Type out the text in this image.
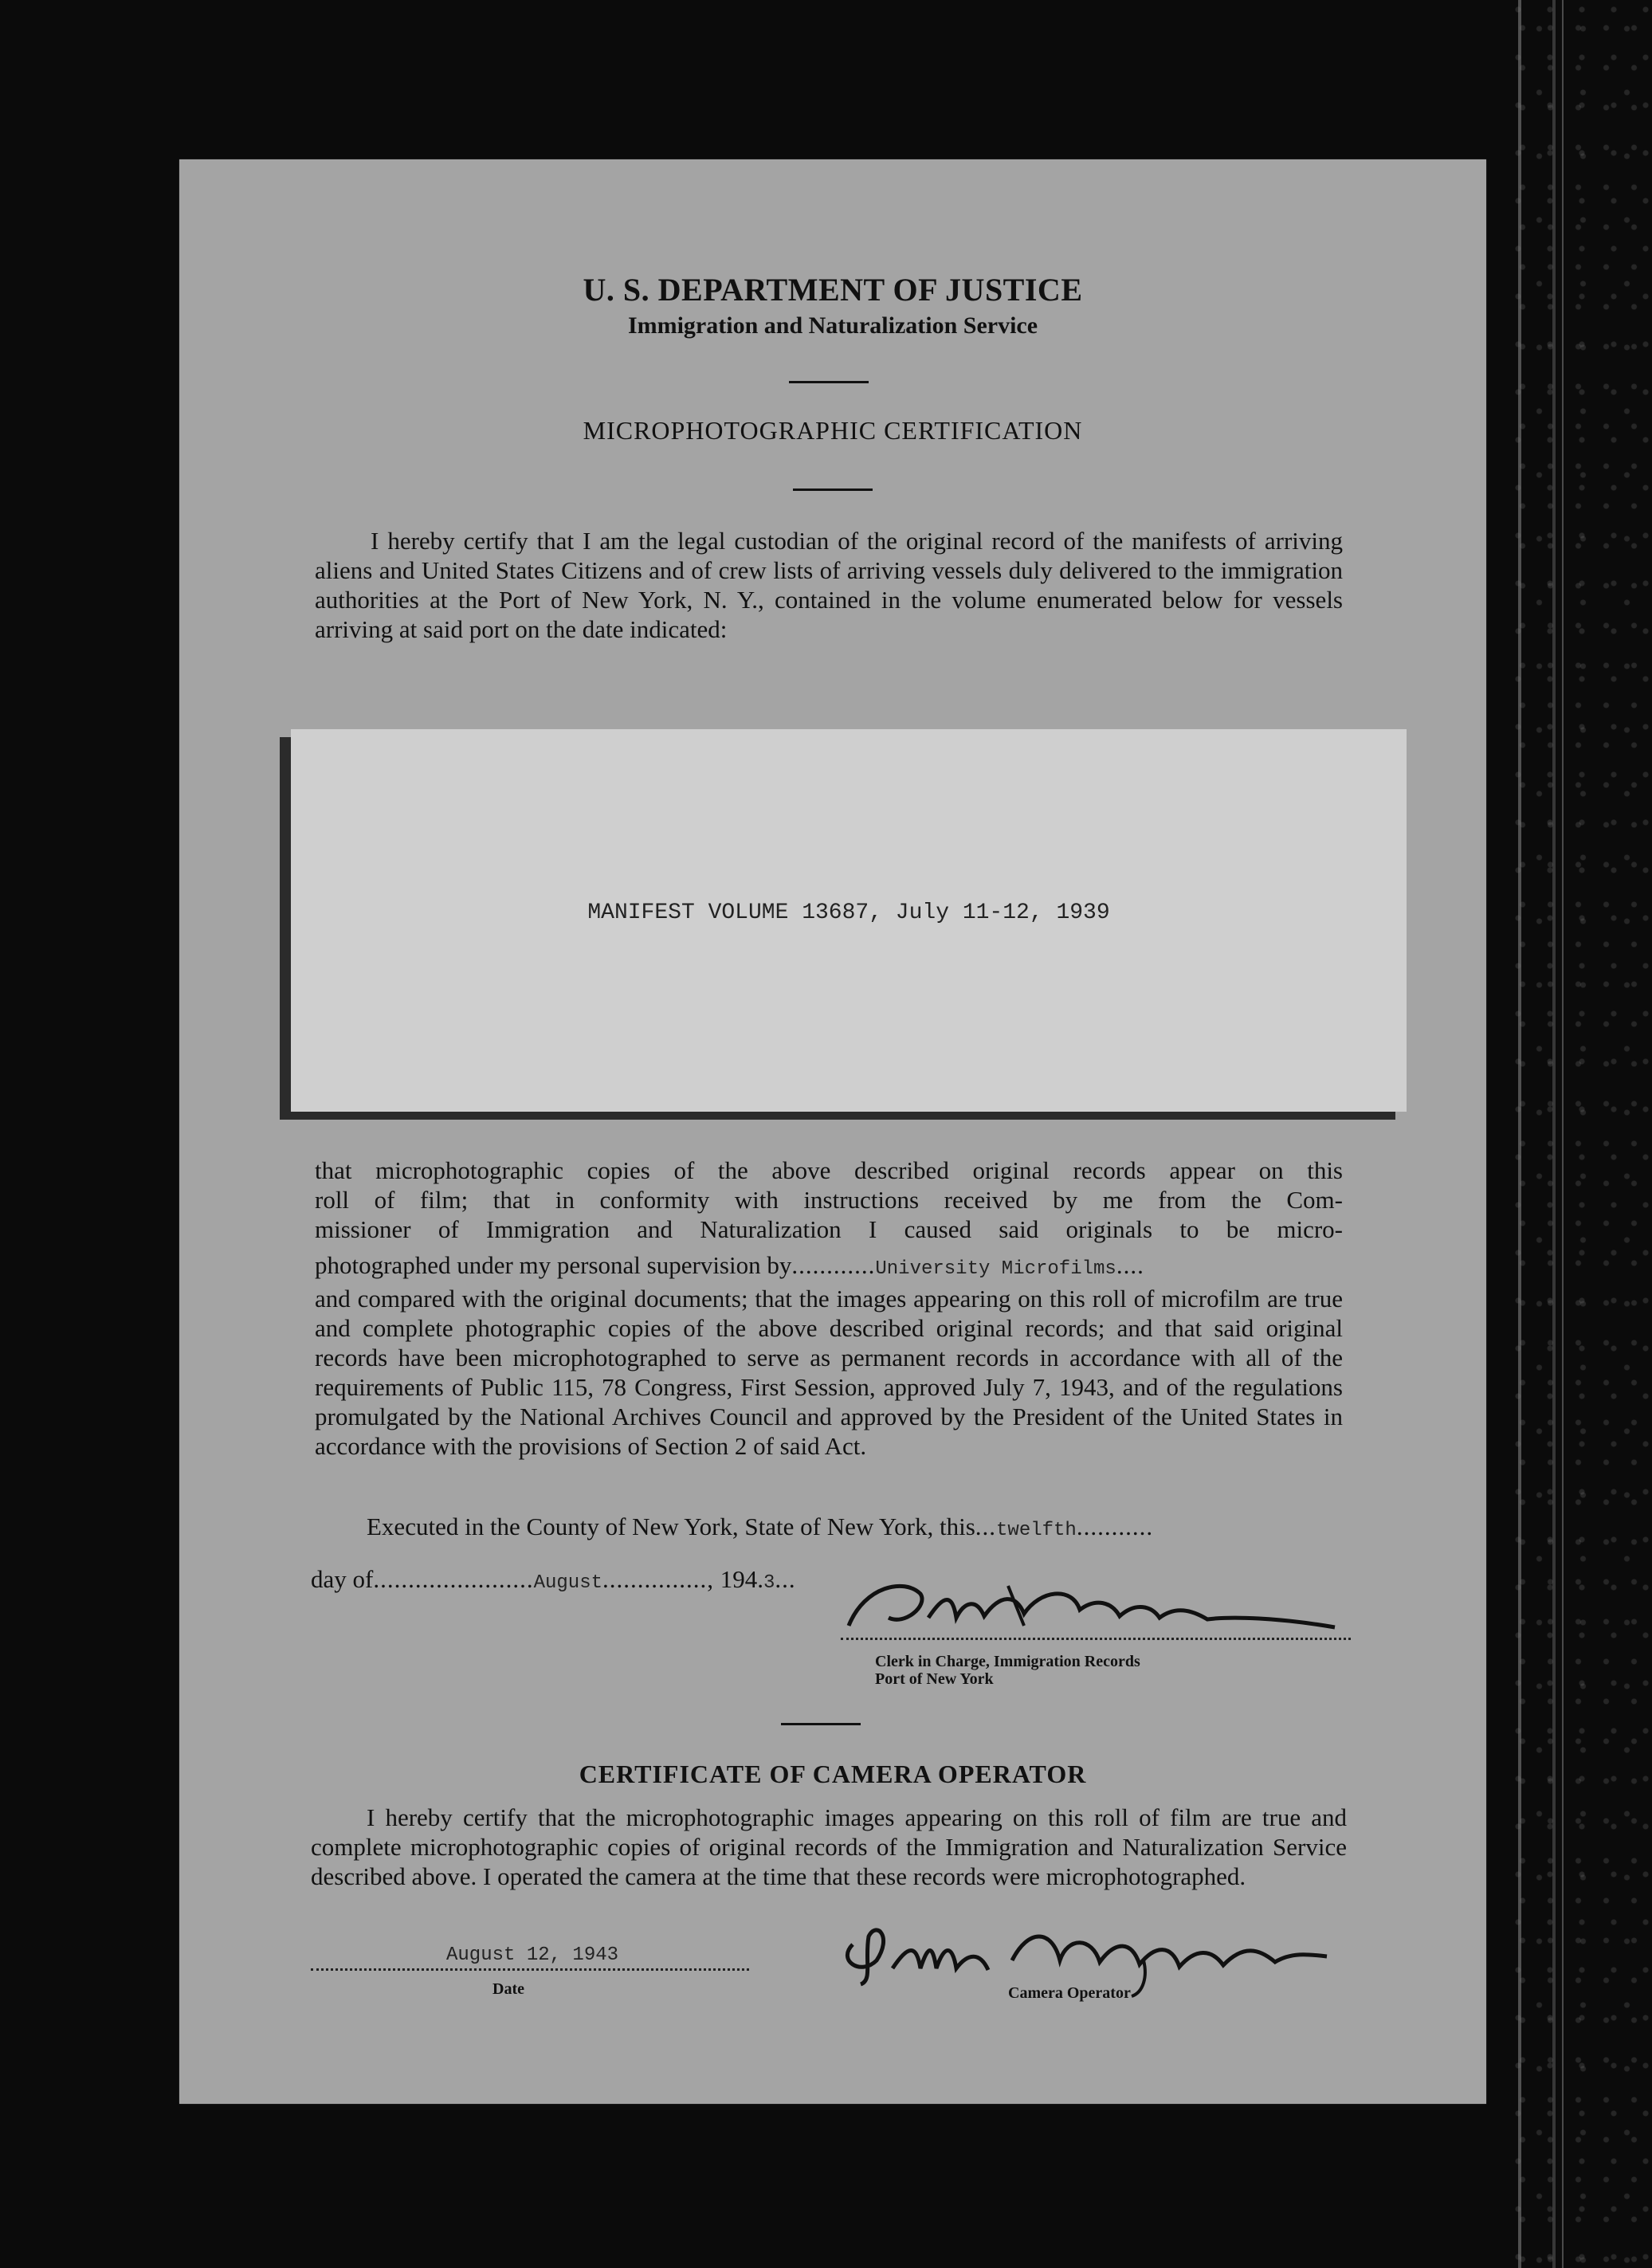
U. S. DEPARTMENT OF JUSTICE
Immigration and Naturalization Service
MICROPHOTOGRAPHIC CERTIFICATION
I hereby certify that I am the legal custodian of the original record of the manifests of arriving aliens and United States Citizens and of crew lists of arriving vessels duly delivered to the immigration authorities at the Port of New York, N. Y., contained in the volume enumerated below for vessels arriving at said port on the date indicated:
MANIFEST VOLUME 13687, July 11-12, 1939
that microphotographic copies of the above described original records appear on this
roll of film; that in conformity with instructions received by me from the Com-
missioner of Immigration and Naturalization I caused said originals to be micro-
photographed under my personal supervision by............University Microfilms....
and compared with the original documents; that the images appearing on this roll of microfilm are true and complete photographic copies of the above described original records; and that said original records have been microphotographed to serve as permanent records in accordance with all of the requirements of Public 115, 78 Congress, First Session, approved July 7, 1943, and of the regulations promulgated by the National Archives Council and approved by the President of the United States in accordance with the provisions of Section 2 of said Act.
Executed in the County of New York, State of New York, this...twelfth...........
day of.......................August..............., 194.3...
Clerk in Charge, Immigration Records
Port of New York
CERTIFICATE OF CAMERA OPERATOR
I hereby certify that the microphotographic images appearing on this roll of film are true and complete microphotographic copies of original records of the Immigration and Naturalization Service described above. I operated the camera at the time that these records were microphotographed.
August 12, 1943
Date	Camera Operator
